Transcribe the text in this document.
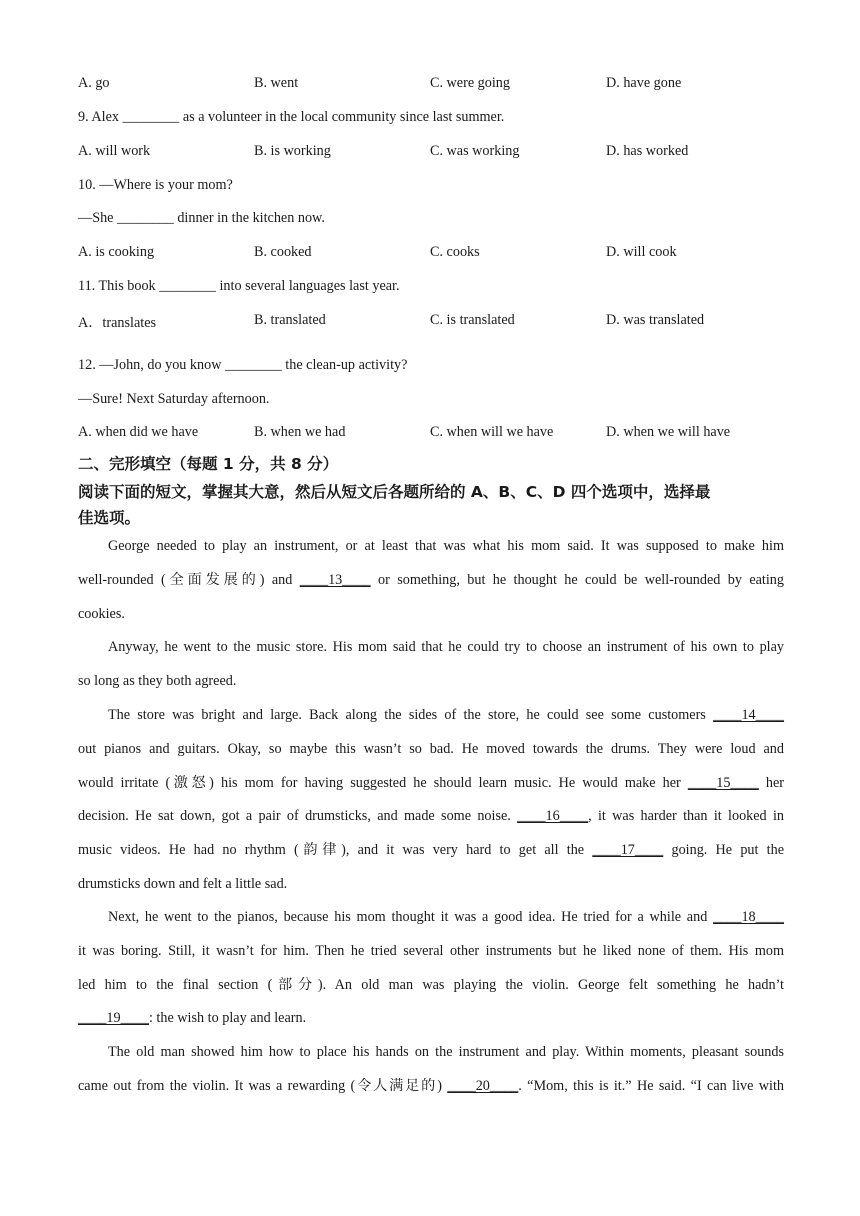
A. go	B. went	C. were going	D. have gone
9. Alex ________ as a volunteer in the local community since last summer.
A. will work	B. is working	C. was working	D. has worked
10. —Where is your mom?
—She ________ dinner in the kitchen now.
A. is cooking	B. cooked	C. cooks	D. will cook
11. This book ________ into several languages last year.
A．translates	B. translated	C. is translated	D. was translated
12. —John, do you know ________ the clean-up activity?
—Sure! Next Saturday afternoon.
A. when did we have	B. when we had	C. when will we have	D. when we will have
二、完形填空（每题 1 分，共 8 分）
阅读下面的短文，掌握其大意，然后从短文后各题所给的 A、B、C、D 四个选项中，选择最
佳选项。
George needed to play an instrument, or at least that was what his mom said. It was supposed to make him
well-rounded (全面发展的) and ____13____ or something, but he thought he could be well-rounded by eating
cookies.
Anyway, he went to the music store. His mom said that he could try to choose an instrument of his own to play
so long as they both agreed.
The store was bright and large. Back along the sides of the store, he could see some customers ____14____
out pianos and guitars. Okay, so maybe this wasn’t so bad. He moved towards the drums. They were loud and
would irritate (激怒) his mom for having suggested he should learn music. He would make her ____15____ her
decision. He sat down, got a pair of drumsticks, and made some noise. ____16____, it was harder than it looked in
music videos. He had no rhythm (韵律), and it was very hard to get all the ____17____ going. He put the
drumsticks down and felt a little sad.
Next, he went to the pianos, because his mom thought it was a good idea. He tried for a while and ____18____
it was boring. Still, it wasn’t for him. Then he tried several other instruments but he liked none of them. His mom
led him to the final section (部分). An old man was playing the violin. George felt something he hadn’t
____19____: the wish to play and learn.
The old man showed him how to place his hands on the instrument and play. Within moments, pleasant sounds
came out from the violin. It was a rewarding (令人满足的) ____20____. “Mom, this is it.” He said. “I can live with
